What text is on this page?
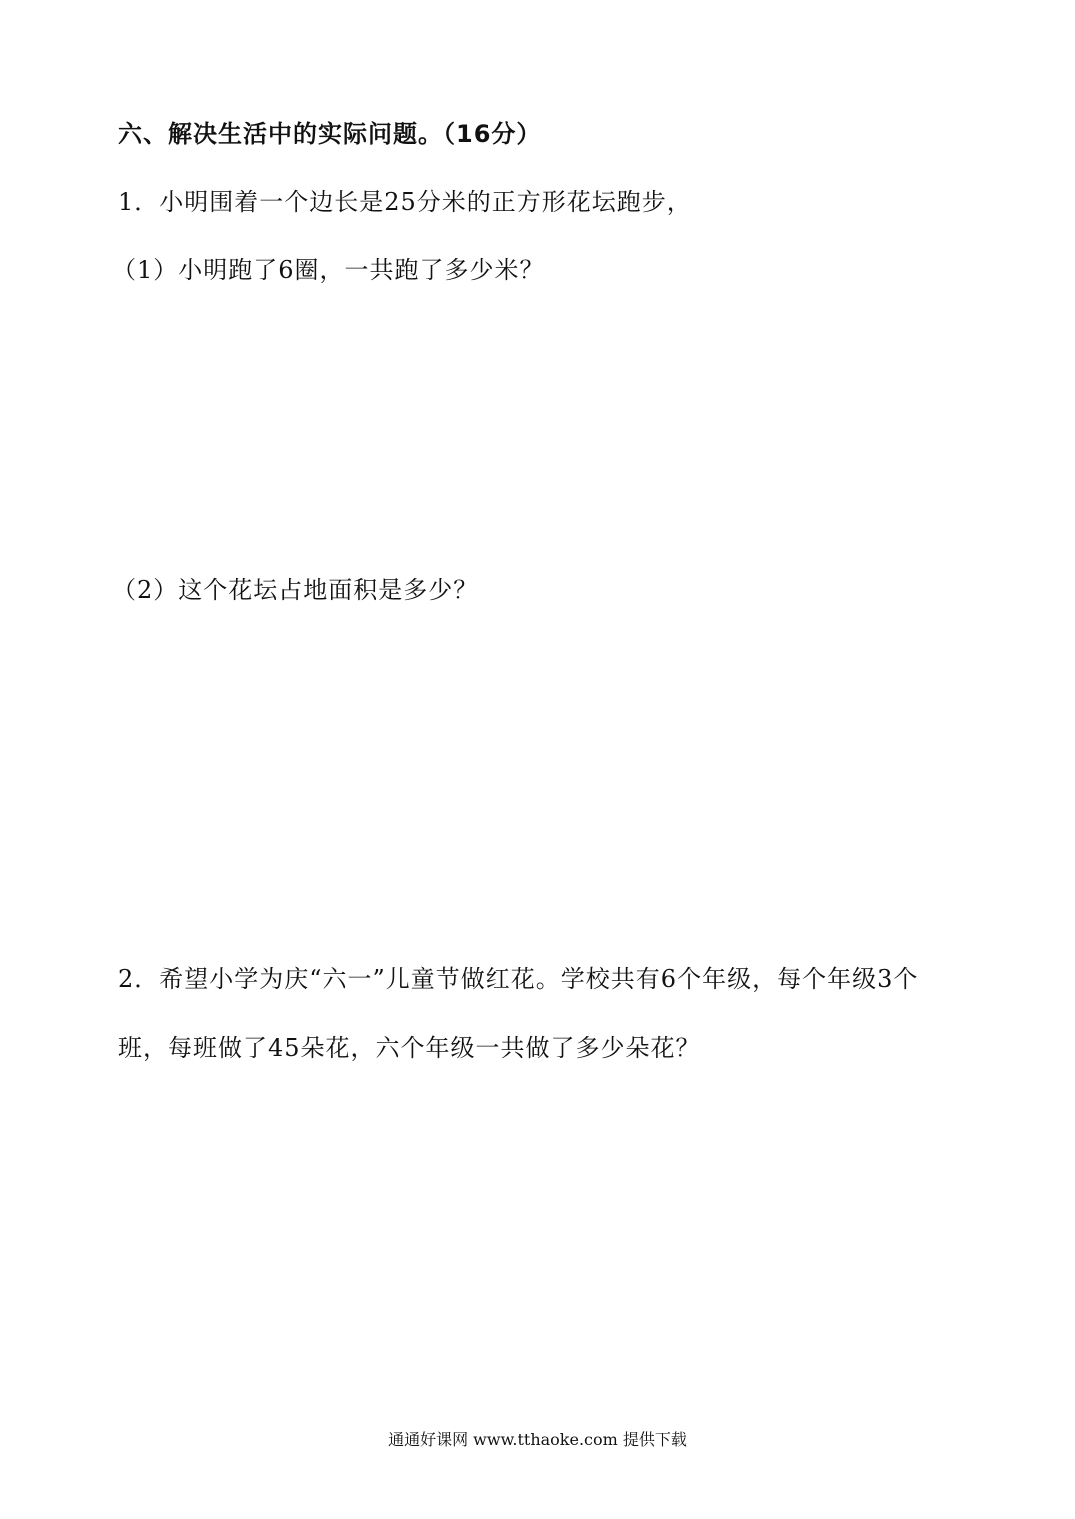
六、解决生活中的实际问题。（16分）
1．小明围着一个边长是25分米的正方形花坛跑步，
（1）小明跑了6圈，一共跑了多少米？
（2）这个花坛占地面积是多少？
2．希望小学为庆“六一”儿童节做红花。学校共有6个年级，每个年级3个
班，每班做了45朵花，六个年级一共做了多少朵花？
通通好课网 www.tthaoke.com 提供下载
